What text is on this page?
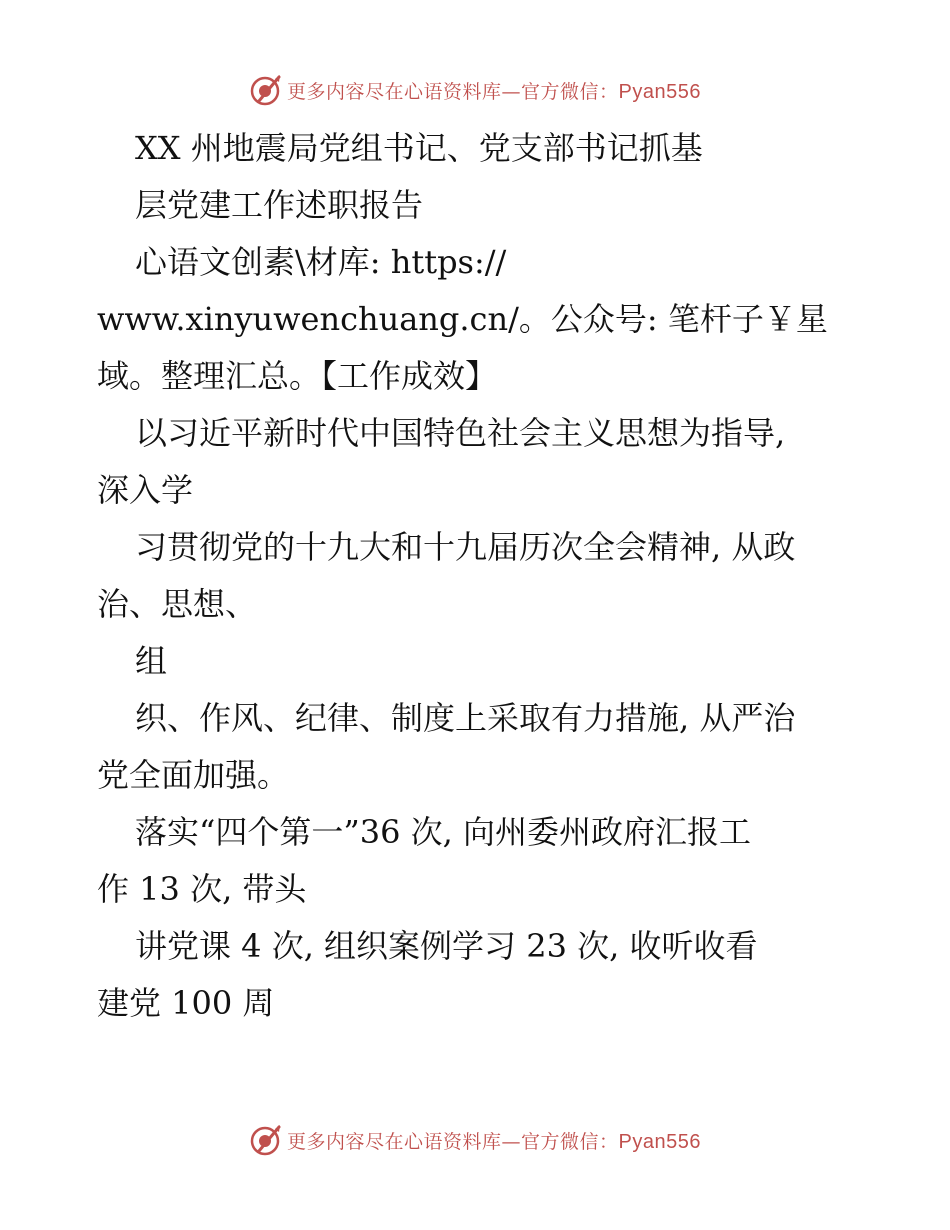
更多内容尽在心语资料库—官方微信：Pyan556
XX 州地震局党组书记、党支部书记抓基
层党建工作述职报告
心语文创素\材库: https://
www.xinyuwenchuang.cn/。公众号: 笔杆子￥星
域。整理汇总。【工作成效】
以习近平新时代中国特色社会主义思想为指导,
深入学
习贯彻党的十九大和十九届历次全会精神, 从政
治、思想、
组
织、作风、纪律、制度上采取有力措施, 从严治
党全面加强。
落实“四个第一”36 次, 向州委州政府汇报工
作 13 次, 带头
讲党课 4 次, 组织案例学习 23 次, 收听收看
建党 100 周
更多内容尽在心语资料库—官方微信：Pyan556
